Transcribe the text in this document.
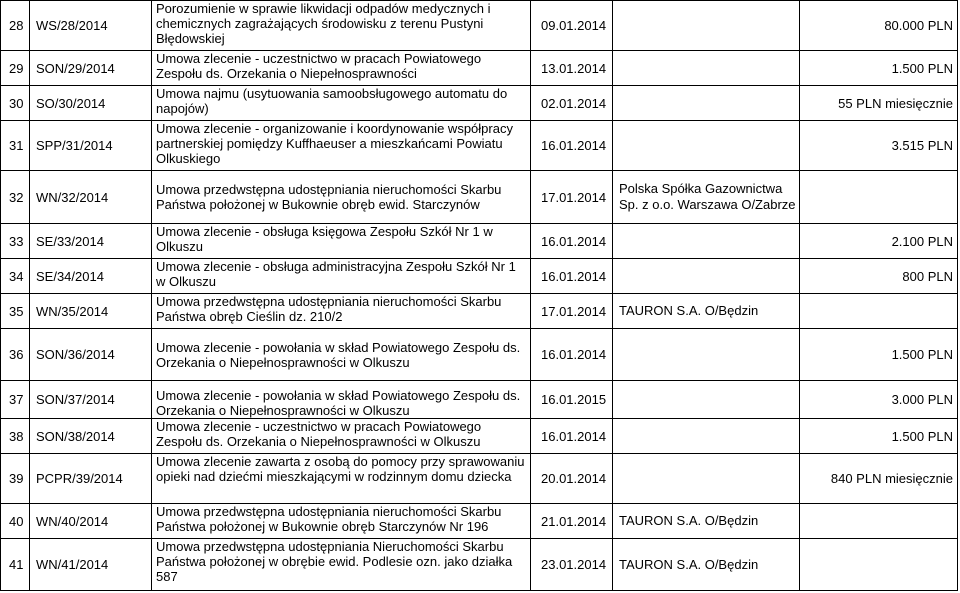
28	WS/28/2014	Porozumienie w sprawie likwidacji odpadów medycznych i chemicznych zagrażających środowisku z terenu Pustyni Błędowskiej	09.01.2014		80.000 PLN
29	SON/29/2014	Umowa zlecenie - uczestnictwo w pracach Powiatowego Zespołu ds. Orzekania o Niepełnosprawności	13.01.2014		1.500 PLN
30	SO/30/2014	Umowa najmu (usytuowania samoobsługowego automatu do napojów)	02.01.2014		55 PLN miesięcznie
31	SPP/31/2014	Umowa zlecenie - organizowanie i koordynowanie współpracy partnerskiej pomiędzy Kuffhaeuser a mieszkańcami Powiatu Olkuskiego	16.01.2014		3.515 PLN
32	WN/32/2014	Umowa przedwstępna udostępniania nieruchomości Skarbu Państwa położonej w Bukownie obręb ewid. Starczynów	17.01.2014	Polska Spółka Gazownictwa Sp. z o.o. Warszawa O/Zabrze	
33	SE/33/2014	Umowa zlecenie - obsługa księgowa Zespołu Szkół Nr 1 w Olkuszu	16.01.2014		2.100 PLN
34	SE/34/2014	Umowa zlecenie - obsługa administracyjna Zespołu Szkół Nr 1 w Olkuszu	16.01.2014		800 PLN
35	WN/35/2014	Umowa przedwstępna udostępniania nieruchomości Skarbu Państwa obręb Cieślin dz. 210/2	17.01.2014	TAURON S.A. O/Będzin	
36	SON/36/2014	Umowa zlecenie - powołania w skład Powiatowego Zespołu ds. Orzekania o Niepełnosprawności w Olkuszu	16.01.2014		1.500 PLN
37	SON/37/2014	Umowa zlecenie - powołania w skład Powiatowego Zespołu ds. Orzekania o Niepełnosprawności w Olkuszu	16.01.2015		3.000 PLN
38	SON/38/2014	Umowa zlecenie - uczestnictwo w pracach Powiatowego Zespołu ds. Orzekania o Niepełnosprawności w Olkuszu	16.01.2014		1.500 PLN
39	PCPR/39/2014	Umowa zlecenie zawarta z osobą do pomocy przy sprawowaniu opieki nad dziećmi mieszkającymi w rodzinnym domu dziecka	20.01.2014		840 PLN miesięcznie
40	WN/40/2014	Umowa przedwstępna udostępniania nieruchomości Skarbu Państwa położonej w Bukownie obręb Starczynów Nr 196	21.01.2014	TAURON S.A. O/Będzin	
41	WN/41/2014	Umowa przedwstępna udostępniania Nieruchomości Skarbu Państwa położonej w obrębie ewid. Podlesie ozn. jako działka 587	23.01.2014	TAURON S.A. O/Będzin	
